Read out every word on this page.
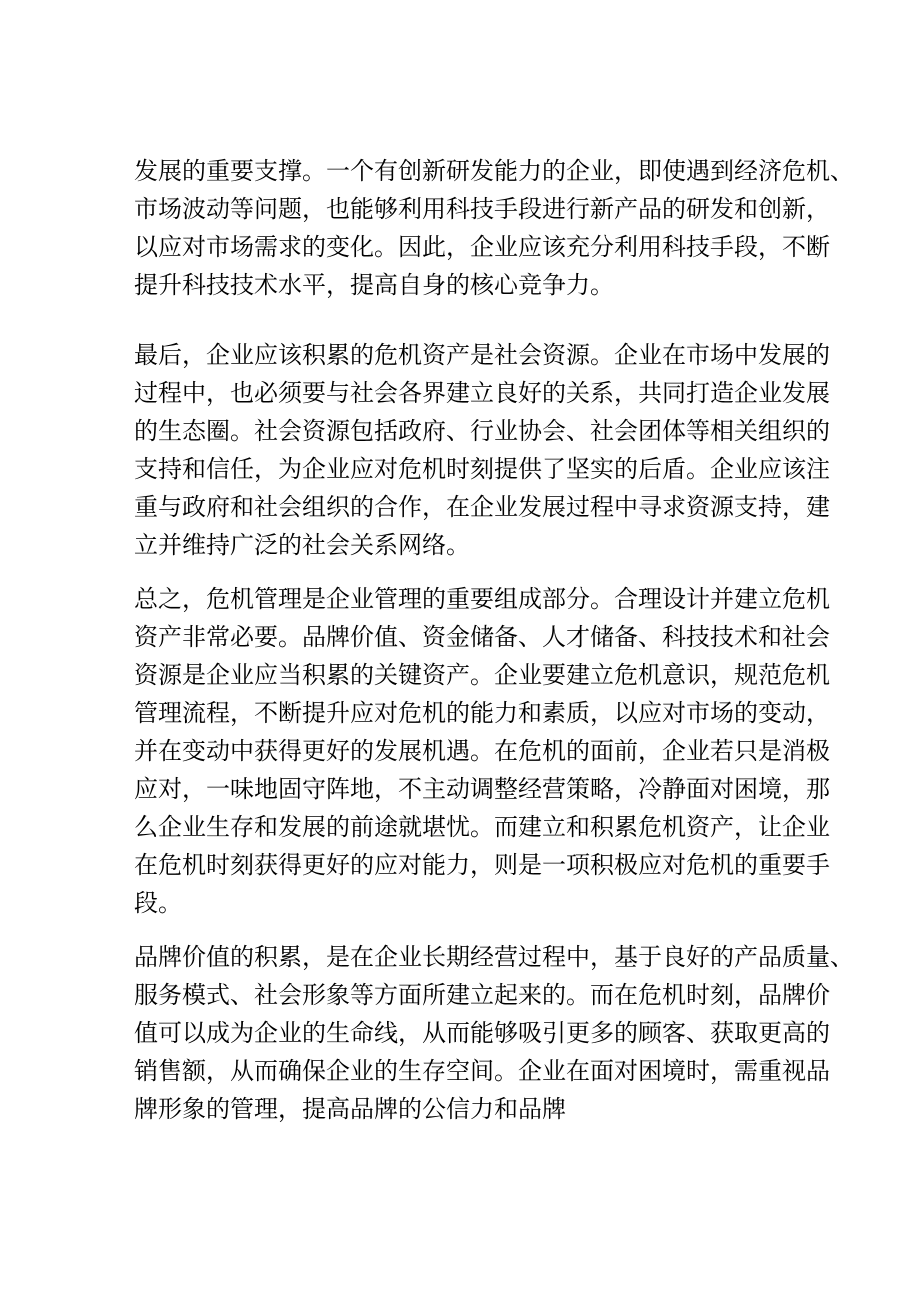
发展的重要支撑。一个有创新研发能力的企业，即使遇到经济危机、
市场波动等问题，也能够利用科技手段进行新产品的研发和创新，
以应对市场需求的变化。因此，企业应该充分利用科技手段，不断
提升科技技术水平，提高自身的核心竞争力。
最后，企业应该积累的危机资产是社会资源。企业在市场中发展的
过程中，也必须要与社会各界建立良好的关系，共同打造企业发展
的生态圈。社会资源包括政府、行业协会、社会团体等相关组织的
支持和信任，为企业应对危机时刻提供了坚实的后盾。企业应该注
重与政府和社会组织的合作，在企业发展过程中寻求资源支持，建
立并维持广泛的社会关系网络。
总之，危机管理是企业管理的重要组成部分。合理设计并建立危机
资产非常必要。品牌价值、资金储备、人才储备、科技技术和社会
资源是企业应当积累的关键资产。企业要建立危机意识，规范危机
管理流程，不断提升应对危机的能力和素质，以应对市场的变动，
并在变动中获得更好的发展机遇。在危机的面前，企业若只是消极
应对，一味地固守阵地，不主动调整经营策略，冷静面对困境，那
么企业生存和发展的前途就堪忧。而建立和积累危机资产，让企业
在危机时刻获得更好的应对能力，则是一项积极应对危机的重要手
段。
品牌价值的积累，是在企业长期经营过程中，基于良好的产品质量、
服务模式、社会形象等方面所建立起来的。而在危机时刻，品牌价
值可以成为企业的生命线，从而能够吸引更多的顾客、获取更高的
销售额，从而确保企业的生存空间。企业在面对困境时，需重视品
牌形象的管理，提高品牌的公信力和品牌
